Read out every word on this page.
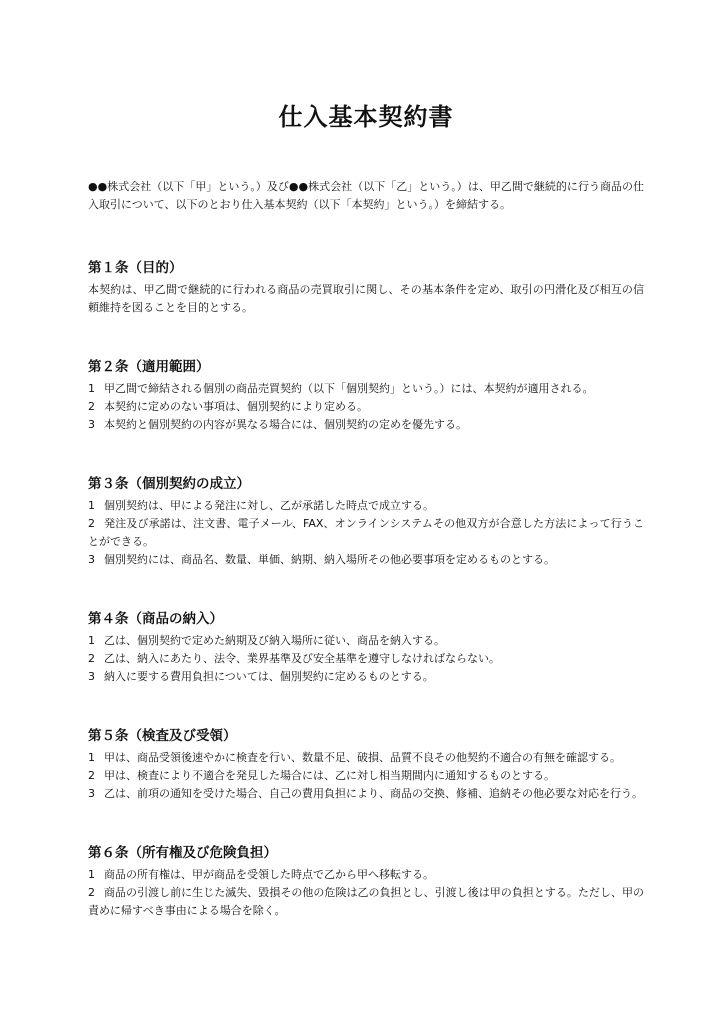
仕入基本契約書

●●株式会社（以下「甲」という。）及び●●株式会社（以下「乙」という。）は、甲乙間で継続的に行う商品の仕入取引について、以下のとおり仕入基本契約（以下「本契約」という。）を締結する。

第１条（目的）

本契約は、甲乙間で継続的に行われる商品の売買取引に関し、その基本条件を定め、取引の円滑化及び相互の信頼維持を図ることを目的とする。

第２条（適用範囲）

1 甲乙間で締結される個別の商品売買契約（以下「個別契約」という。）には、本契約が適用される。

2 本契約に定めのない事項は、個別契約により定める。

3 本契約と個別契約の内容が異なる場合には、個別契約の定めを優先する。

第３条（個別契約の成立）

1 個別契約は、甲による発注に対し、乙が承諾した時点で成立する。

2 発注及び承諾は、注文書、電子メール、FAX、オンラインシステムその他双方が合意した方法によって行うことができる。

3 個別契約には、商品名、数量、単価、納期、納入場所その他必要事項を定めるものとする。

第４条（商品の納入）

1 乙は、個別契約で定めた納期及び納入場所に従い、商品を納入する。

2 乙は、納入にあたり、法令、業界基準及び安全基準を遵守しなければならない。

3 納入に要する費用負担については、個別契約に定めるものとする。

第５条（検査及び受領）

1 甲は、商品受領後速やかに検査を行い、数量不足、破損、品質不良その他契約不適合の有無を確認する。

2 甲は、検査により不適合を発見した場合には、乙に対し相当期間内に通知するものとする。

3 乙は、前項の通知を受けた場合、自己の費用負担により、商品の交換、修補、追納その他必要な対応を行う。

第６条（所有権及び危険負担）

1 商品の所有権は、甲が商品を受領した時点で乙から甲へ移転する。

2 商品の引渡し前に生じた滅失、毀損その他の危険は乙の負担とし、引渡し後は甲の負担とする。ただし、甲の責めに帰すべき事由による場合を除く。
